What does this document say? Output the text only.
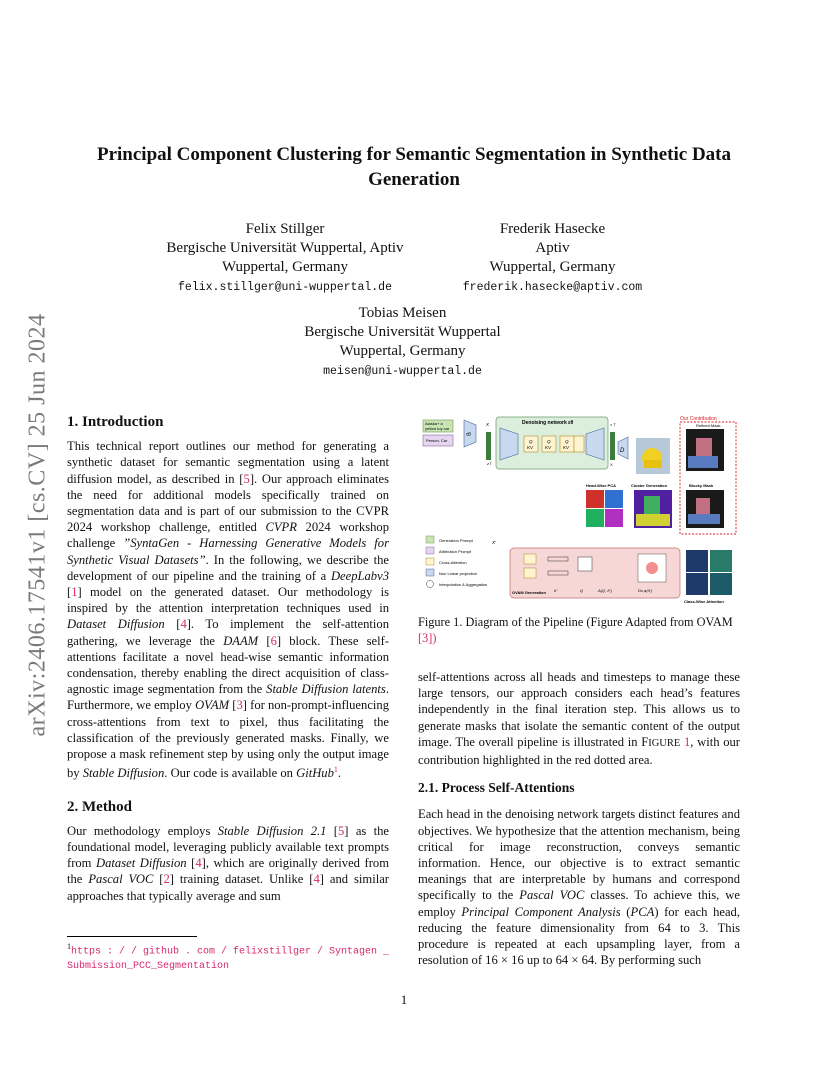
arXiv:2406.17541v1 [cs.CV] 25 Jun 2024
Principal Component Clustering for Semantic Segmentation in Synthetic Data Generation
Felix Stillger
Bergische Universität Wuppertal, Aptiv
Wuppertal, Germany
felix.stillger@uni-wuppertal.de
Frederik Hasecke
Aptiv
Wuppertal, Germany
frederik.hasecke@aptiv.com
Tobias Meisen
Bergische Universität Wuppertal
Wuppertal, Germany
meisen@uni-wuppertal.de
1. Introduction

This technical report outlines our method for generating a synthetic dataset for semantic segmentation using a latent diffusion model, as described in [5]. Our approach eliminates the need for additional models specifically trained on segmentation data and is part of our submission to the CVPR 2024 workshop challenge, entitled CVPR 2024 workshop challenge ”SyntaGen - Harnessing Generative Models for Synthetic Visual Datasets”. In the following, we describe the development of our pipeline and the training of a DeepLabv3 [1] model on the generated dataset. Our methodology is inspired by the attention interpretation techniques used in Dataset Diffusion [4]. To implement the self-attention gathering, we leverage the DAAM [6] block. These self-attentions facilitate a novel head-wise semantic information condensation, thereby enabling the direct acquisition of class-agnostic image segmentation from the Stable Diffusion latents. Furthermore, we employ OVAM [3] for non-prompt-influencing cross-attentions from text to pixel, thus facilitating the classification of the previously generated masks. Finally, we propose a mask refinement step by using only the output image by Stable Diffusion. Our code is available on GitHub$^1$.

2. Method

Our methodology employs Stable Diffusion 2.1 [5] as the foundational model, leveraging publicly available text prompts from Dataset Diffusion [4], which are originally derived from the Pascal VOC [2] training dataset. Unlike [4] and similar approaches that typically average and sum

$^1$https : / / github . com / felixstillger / Syntagen _
Submission_PCC_Segmentation
Alaska+ a
yellow toy car
Person, Car
τθ
X	Denoising network εθ
zT
Q
KV
Q
KV
Q
KV
X
× T
D
Our Contribution
Refined Mask
Head-Wise PCA	Cluster Generation	Blocky Mask
Generation Prompt
Attribution Prompt
Cross-Attention
Non Linear projection
Interpolation & Aggregation
X'
OVAM Generation K'	Q	A(Q, K')	Dx,a(X')
Class-Wise Attention
Figure 1. Diagram of the Pipeline (Figure Adapted from OVAM
[3])

self-attentions across all heads and timesteps to manage these large tensors, our approach considers each head’s features independently in the final iteration step. This allows us to generate masks that isolate the semantic content of the output image. The overall pipeline is illustrated in FIGURE 1, with our contribution highlighted in the red dotted area.

2.1. Process Self-Attentions

Each head in the denoising network targets distinct features and objectives. We hypothesize that the attention mechanism, being critical for image reconstruction, conveys semantic information. Hence, our objective is to extract semantic meanings that are interpretable by humans and correspond specifically to the Pascal VOC classes. To achieve this, we employ Principal Component Analysis (PCA) for each head, reducing the feature dimensionality from 64 to 3. This procedure is repeated at each upsampling layer, from a resolution of 16 × 16 up to 64 × 64. By performing such

1
